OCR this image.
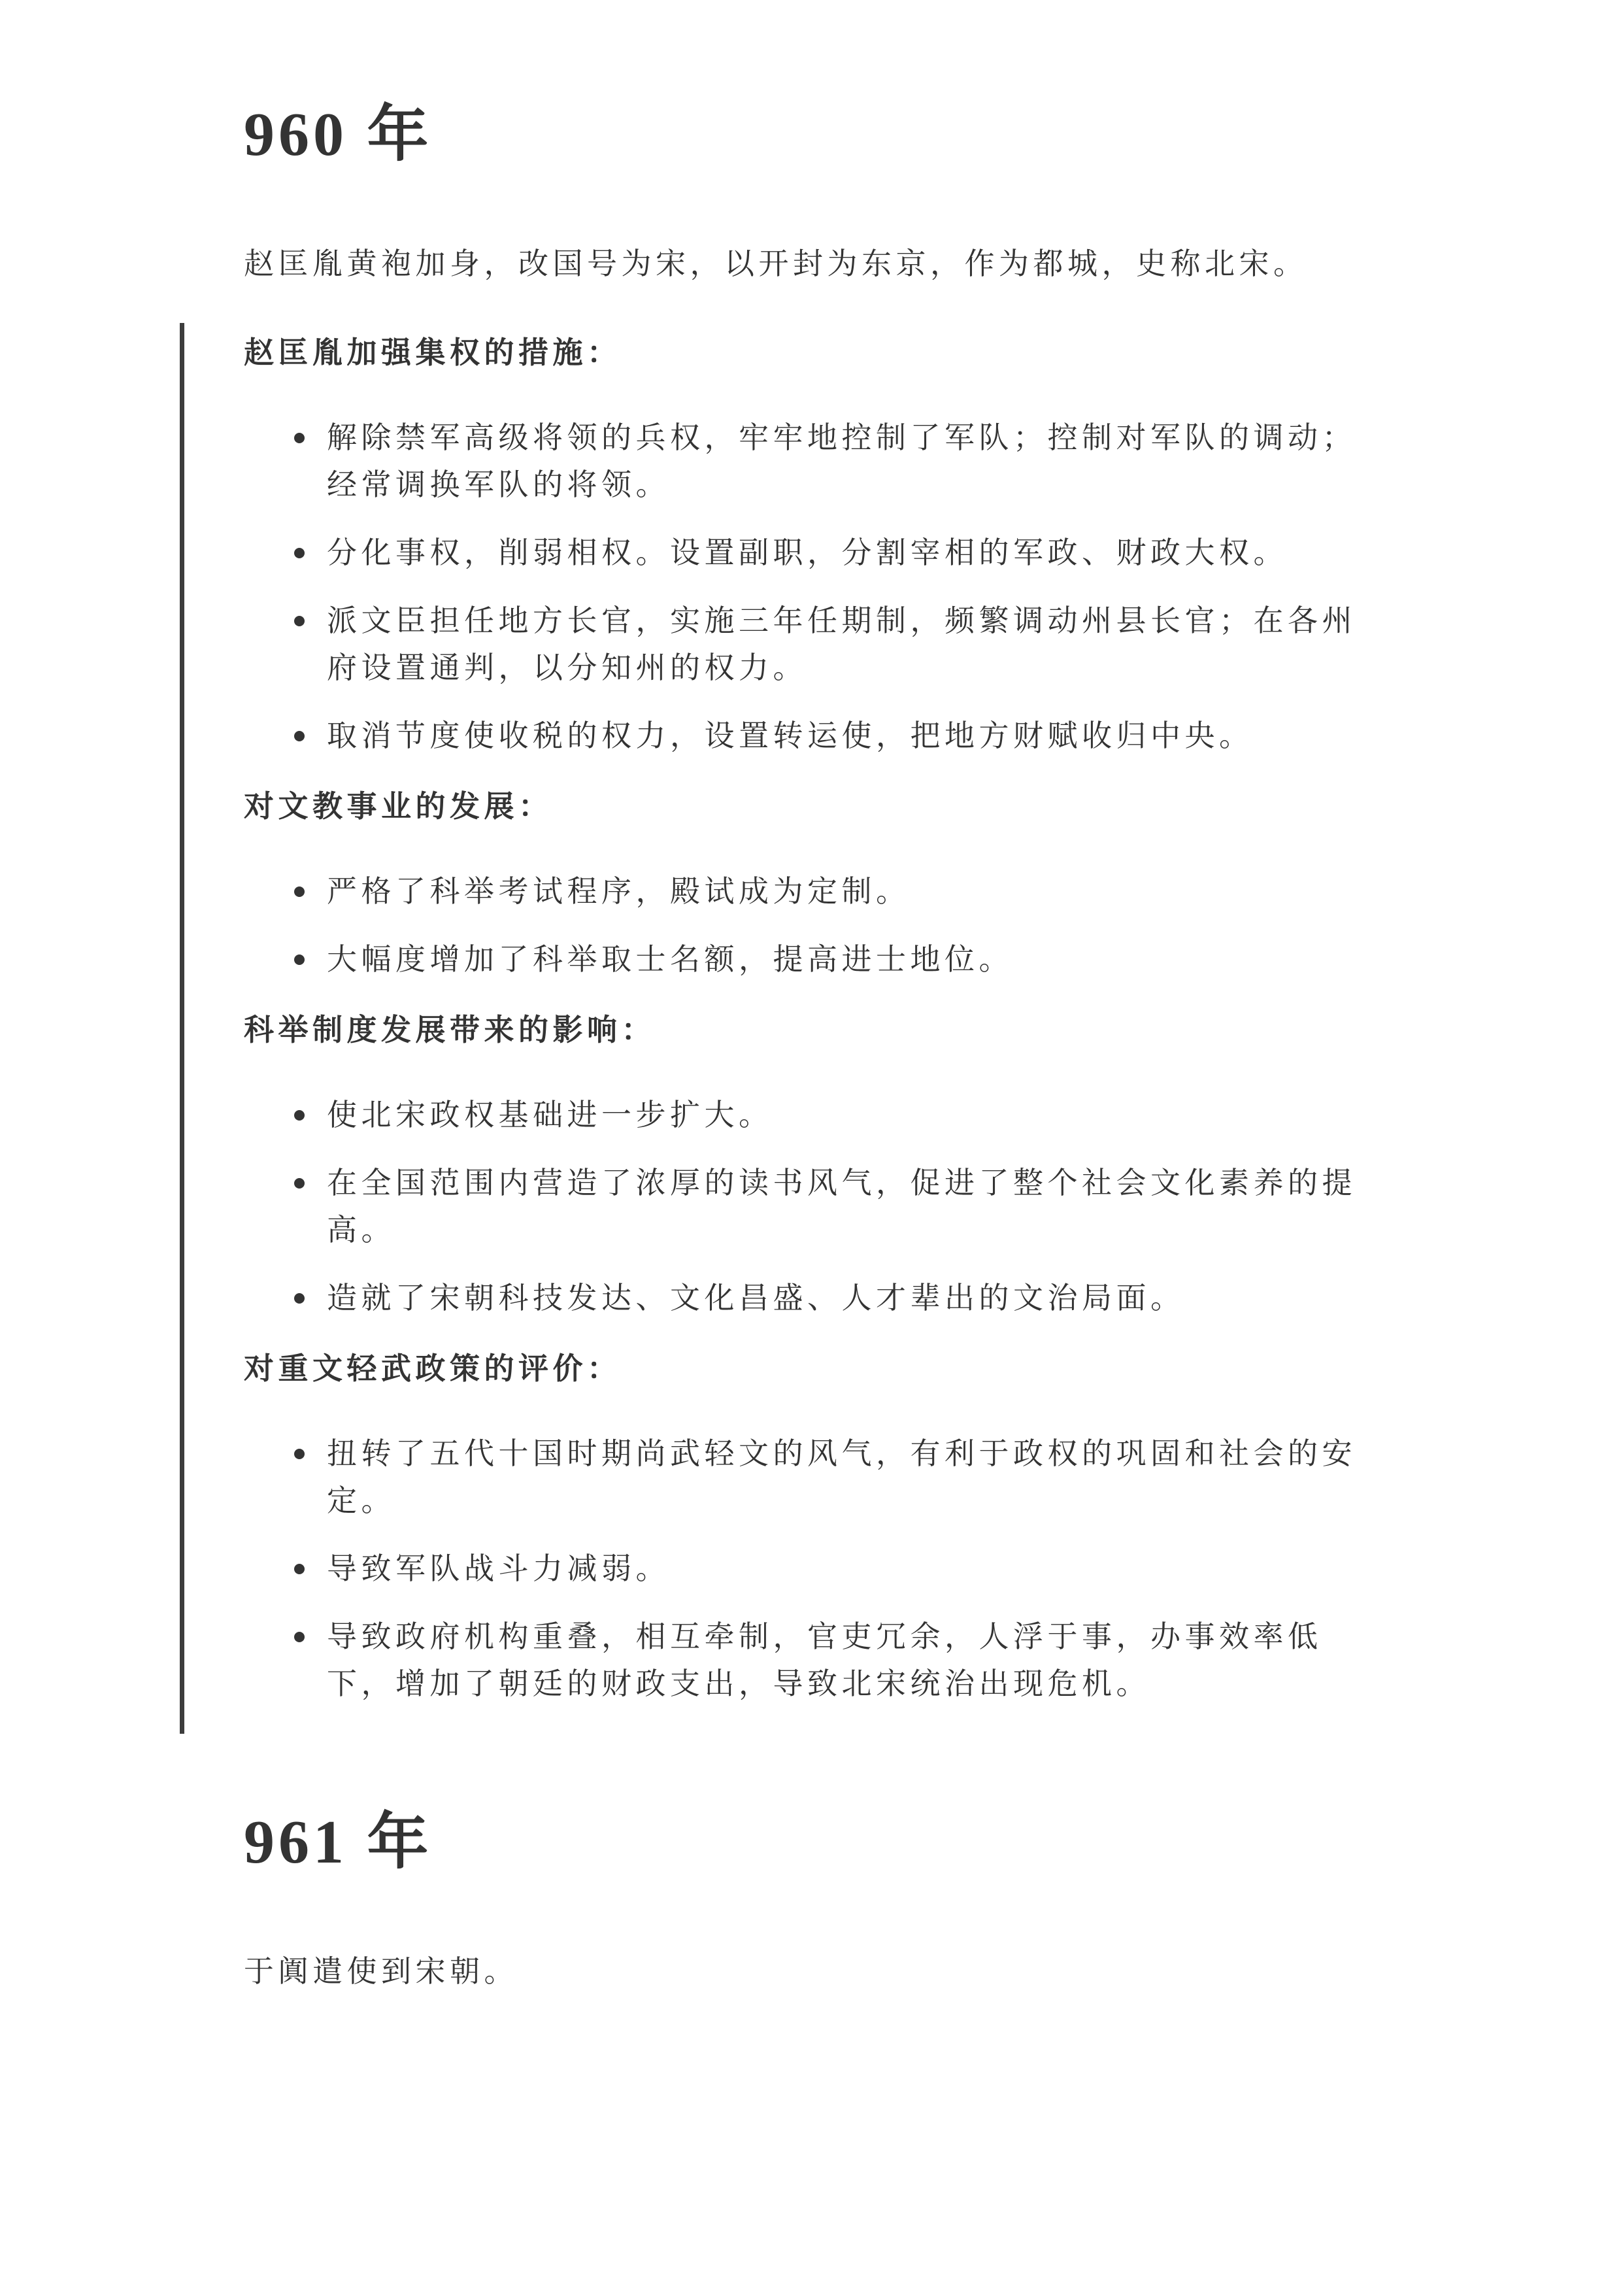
960 年

赵匡胤黄袍加身，改国号为宋，以开封为东京，作为都城，史称北宋。

赵匡胤加强集权的措施：

解除禁军高级将领的兵权，牢牢地控制了军队；控制对军队的调动；经常调换军队的将领。
分化事权，削弱相权。设置副职，分割宰相的军政、财政大权。
派文臣担任地方长官，实施三年任期制，频繁调动州县长官；在各州府设置通判，以分知州的权力。
取消节度使收税的权力，设置转运使，把地方财赋收归中央。

对文教事业的发展：

严格了科举考试程序，殿试成为定制。
大幅度增加了科举取士名额，提高进士地位。

科举制度发展带来的影响：

使北宋政权基础进一步扩大。
在全国范围内营造了浓厚的读书风气，促进了整个社会文化素养的提高。
造就了宋朝科技发达、文化昌盛、人才辈出的文治局面。

对重文轻武政策的评价：

扭转了五代十国时期尚武轻文的风气，有利于政权的巩固和社会的安定。
导致军队战斗力减弱。
导致政府机构重叠，相互牵制，官吏冗余，人浮于事，办事效率低下，增加了朝廷的财政支出，导致北宋统治出现危机。
961 年

于阗遣使到宋朝。
